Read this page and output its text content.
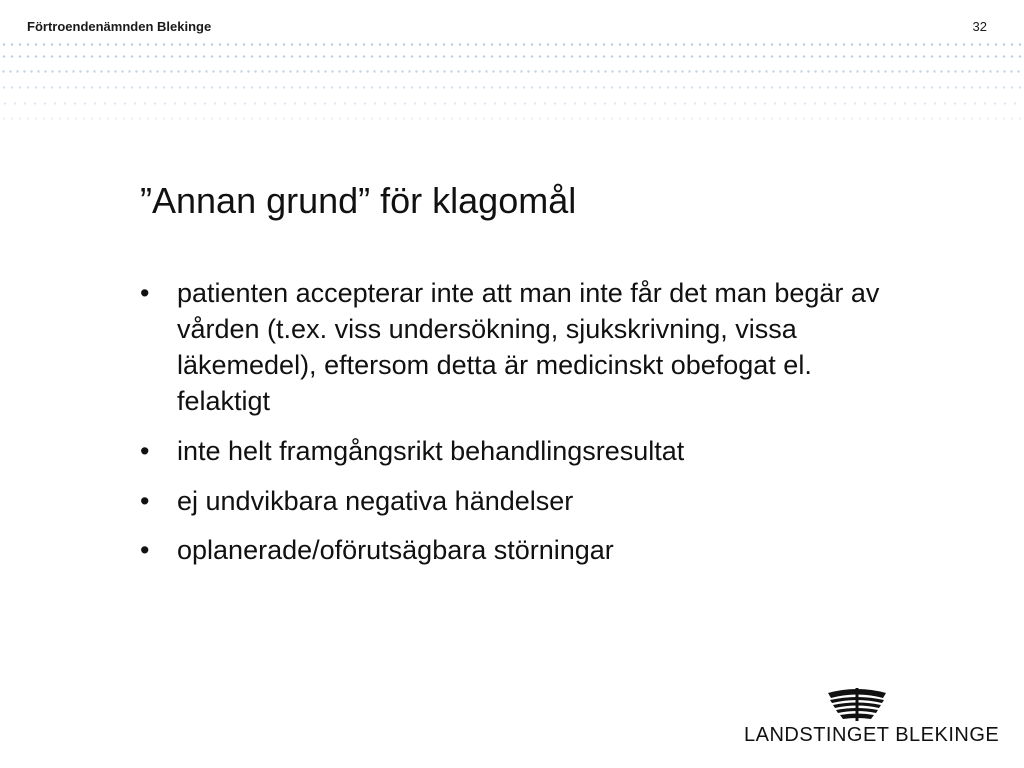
Förtroendenämnden Blekinge	32
”Annan grund” för klagomål
• patienten accepterar inte att man inte får det man begär av vården (t.ex. viss undersökning, sjukskrivning, vissa läkemedel), eftersom detta är medicinskt obefogat el. felaktigt
• inte helt framgångsrikt behandlingsresultat
• ej undvikbara negativa händelser
• oplanerade/oförutsägbara störningar
LANDSTINGET BLEKINGE
